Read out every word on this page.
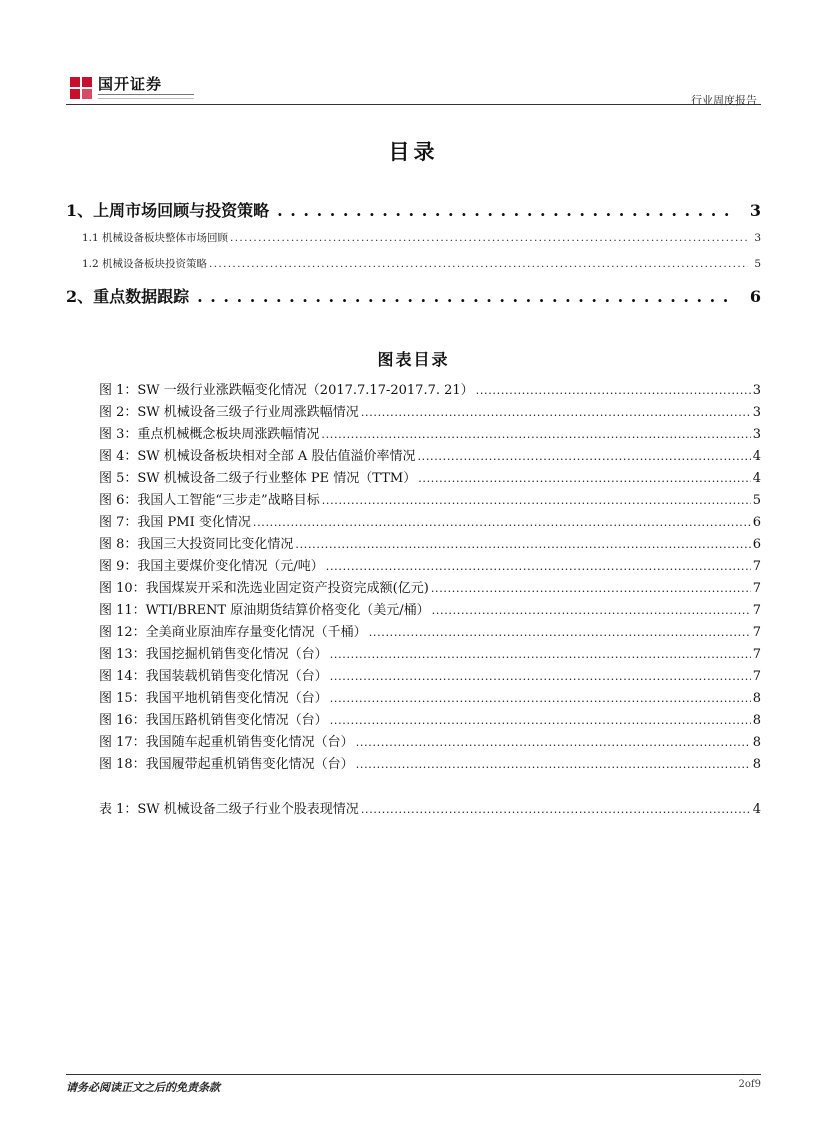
国开证券
行业周度报告
目录
1、上周市场回顾与投资策略 . . .	3
1.1 机械设备板块整体市场回顾 . . .	3
1.2 机械设备板块投资策略 . . .	5
2、重点数据跟踪 . . .	6
图表目录
图 1：SW 一级行业涨跌幅变化情况（2017.7.17-2017.7. 21） . . .	3
图 2：SW 机械设备三级子行业周涨跌幅情况 . . .	3
图 3：重点机械概念板块周涨跌幅情况 . . .	3
图 4：SW 机械设备板块相对全部 A 股估值溢价率情况 . . .	4
图 5：SW 机械设备二级子行业整体 PE 情况（TTM） . . .	4
图 6：我国人工智能“三步走”战略目标 . . .	5
图 7：我国 PMI 变化情况 . . .	6
图 8：我国三大投资同比变化情况 . . .	6
图 9：我国主要煤价变化情况（元/吨） . . .	7
图 10：我国煤炭开采和洗选业固定资产投资完成额(亿元) . . .	7
图 11：WTI/BRENT 原油期货结算价格变化（美元/桶） . . .	7
图 12：全美商业原油库存量变化情况（千桶） . . .	7
图 13：我国挖掘机销售变化情况（台） . . .	7
图 14：我国装载机销售变化情况（台） . . .	7
图 15：我国平地机销售变化情况（台） . . .	8
图 16：我国压路机销售变化情况（台） . . .	8
图 17：我国随车起重机销售变化情况（台） . . .	8
图 18：我国履带起重机销售变化情况（台） . . .	8
表 1：SW 机械设备二级子行业个股表现情况 . . .	4
请务必阅读正文之后的免责条款	2of9
